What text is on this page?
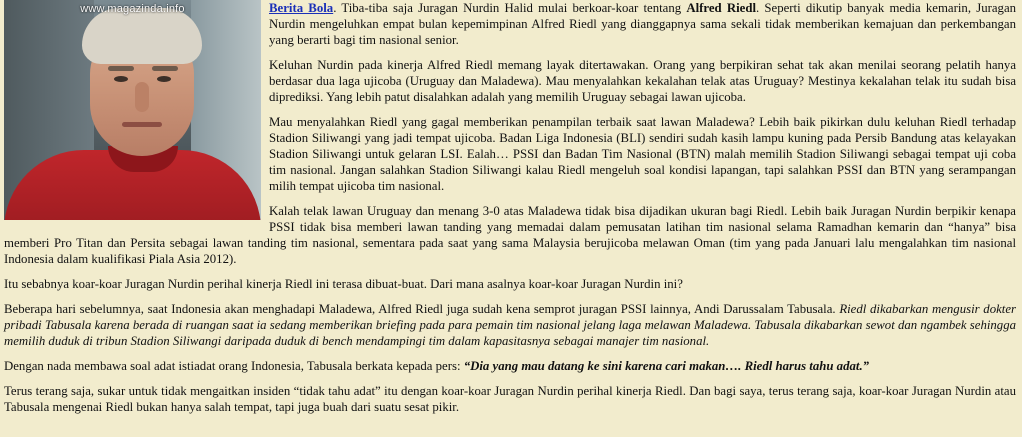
www.magazinda.info	Berita Bola. Tiba-tiba saja Juragan Nurdin Halid mulai berkoar-koar tentang Alfred Riedl. Seperti dikutip banyak media kemarin, Juragan Nurdin mengeluhkan empat bulan kepemimpinan Alfred Riedl yang dianggapnya sama sekali tidak memberikan kemajuan dan perkembangan yang berarti bagi tim nasional senior.

Keluhan Nurdin pada kinerja Alfred Riedl memang layak ditertawakan. Orang yang berpikiran sehat tak akan menilai seorang pelatih hanya berdasar dua laga ujicoba (Uruguay dan Maladewa). Mau menyalahkan kekalahan telak atas Uruguay? Mestinya kekalahan telak itu sudah bisa diprediksi. Yang lebih patut disalahkan adalah yang memilih Uruguay sebagai lawan ujicoba.

Mau menyalahkan Riedl yang gagal memberikan penampilan terbaik saat lawan Maladewa? Lebih baik pikirkan dulu keluhan Riedl terhadap Stadion Siliwangi yang jadi tempat ujicoba. Badan Liga Indonesia (BLI) sendiri sudah kasih lampu kuning pada Persib Bandung atas kelayakan Stadion Siliwangi untuk gelaran LSI. Ealah… PSSI dan Badan Tim Nasional (BTN) malah memilih Stadion Siliwangi sebagai tempat uji coba tim nasional. Jangan salahkan Stadion Siliwangi kalau Riedl mengeluh soal kondisi lapangan, tapi salahkan PSSI dan BTN yang serampangan milih tempat ujicoba tim nasional.

Kalah telak lawan Uruguay dan menang 3-0 atas Maladewa tidak bisa dijadikan ukuran bagi Riedl. Lebih baik Juragan Nurdin berpikir kenapa PSSI tidak bisa memberi lawan tanding yang memadai dalam pemusatan latihan tim nasional selama Ramadhan kemarin dan “hanya” bisa memberi Pro Titan dan Persita sebagai lawan tanding tim nasional, sementara pada saat yang sama Malaysia berujicoba melawan Oman (tim yang pada Januari lalu mengalahkan tim nasional Indonesia dalam kualifikasi Piala Asia 2012).

Itu sebabnya koar-koar Juragan Nurdin perihal kinerja Riedl ini terasa dibuat-buat. Dari mana asalnya koar-koar Juragan Nurdin ini?

Beberapa hari sebelumnya, saat Indonesia akan menghadapi Maladewa, Alfred Riedl juga sudah kena semprot juragan PSSI lainnya, Andi Darussalam Tabusala. Riedl dikabarkan mengusir dokter pribadi Tabusala karena berada di ruangan saat ia sedang memberikan briefing pada para pemain tim nasional jelang laga melawan Maladewa. Tabusala dikabarkan sewot dan ngambek sehingga memilih duduk di tribun Stadion Siliwangi daripada duduk di bench mendampingi tim dalam kapasitasnya sebagai manajer tim nasional.

Dengan nada membawa soal adat istiadat orang Indonesia, Tabusala berkata kepada pers: “Dia yang mau datang ke sini karena cari makan…. Riedl harus tahu adat.”

Terus terang saja, sukar untuk tidak mengaitkan insiden “tidak tahu adat” itu dengan koar-koar Juragan Nurdin perihal kinerja Riedl. Dan bagi saya, terus terang saja, koar-koar Juragan Nurdin atau Tabusala mengenai Riedl bukan hanya salah tempat, tapi juga buah dari suatu sesat pikir.
